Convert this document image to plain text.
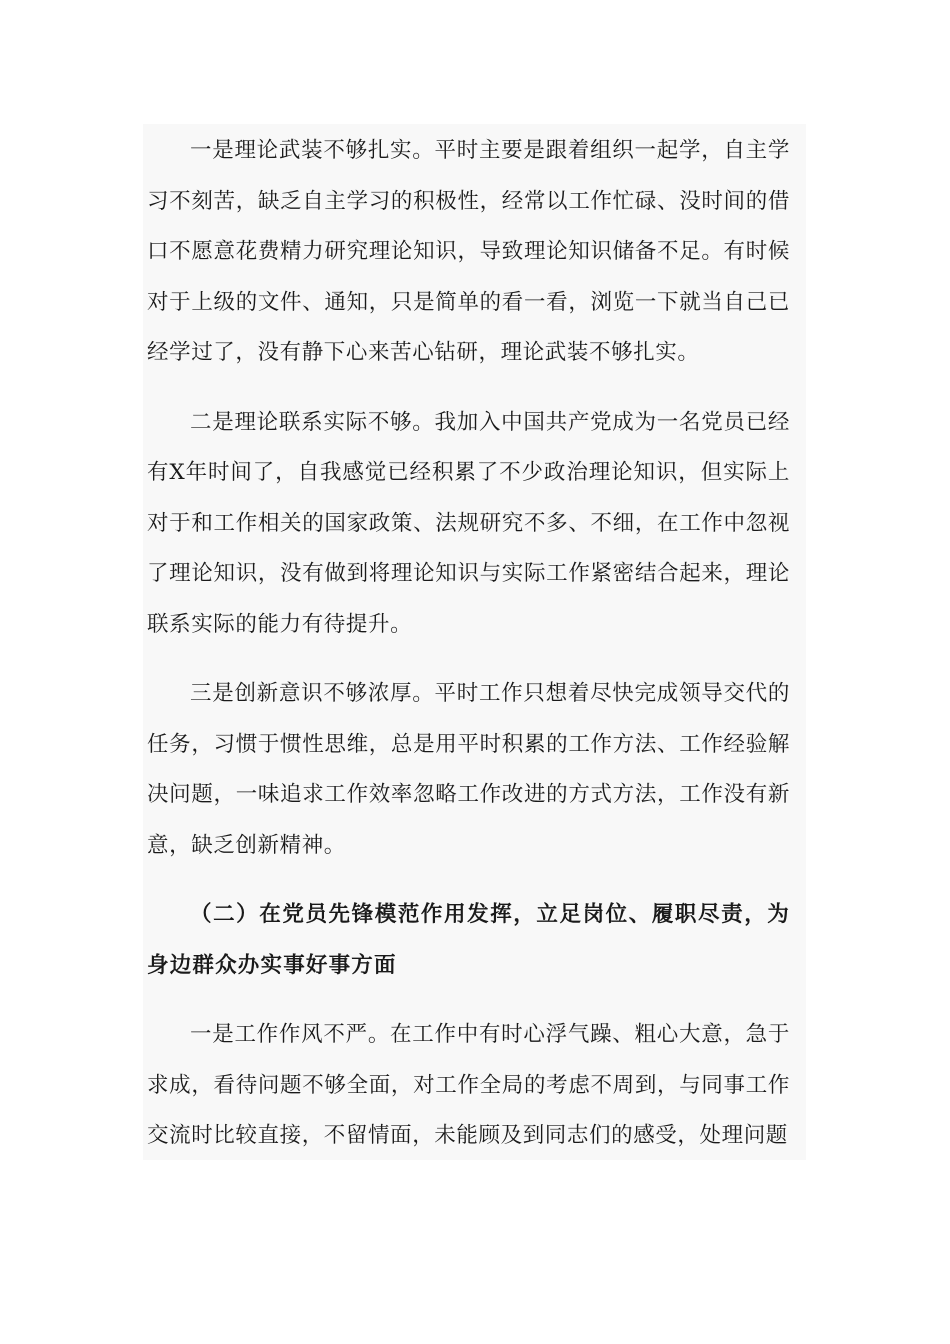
一是理论武装不够扎实。平时主要是跟着组织一起学，自主学习不刻苦，缺乏自主学习的积极性，经常以工作忙碌、没时间的借口不愿意花费精力研究理论知识，导致理论知识储备不足。有时候对于上级的文件、通知，只是简单的看一看，浏览一下就当自己已经学过了，没有静下心来苦心钻研，理论武装不够扎实。

二是理论联系实际不够。我加入中国共产党成为一名党员已经有X年时间了，自我感觉已经积累了不少政治理论知识，但实际上对于和工作相关的国家政策、法规研究不多、不细，在工作中忽视了理论知识，没有做到将理论知识与实际工作紧密结合起来，理论联系实际的能力有待提升。

三是创新意识不够浓厚。平时工作只想着尽快完成领导交代的任务，习惯于惯性思维，总是用平时积累的工作方法、工作经验解决问题，一味追求工作效率忽略工作改进的方式方法，工作没有新意，缺乏创新精神。

（二）在党员先锋模范作用发挥，立足岗位、履职尽责，为身边群众办实事好事方面

一是工作作风不严。在工作中有时心浮气躁、粗心大意，急于求成，看待问题不够全面，对工作全局的考虑不周到，与同事工作交流时比较直接，不留情面，未能顾及到同志们的感受，处理问题
